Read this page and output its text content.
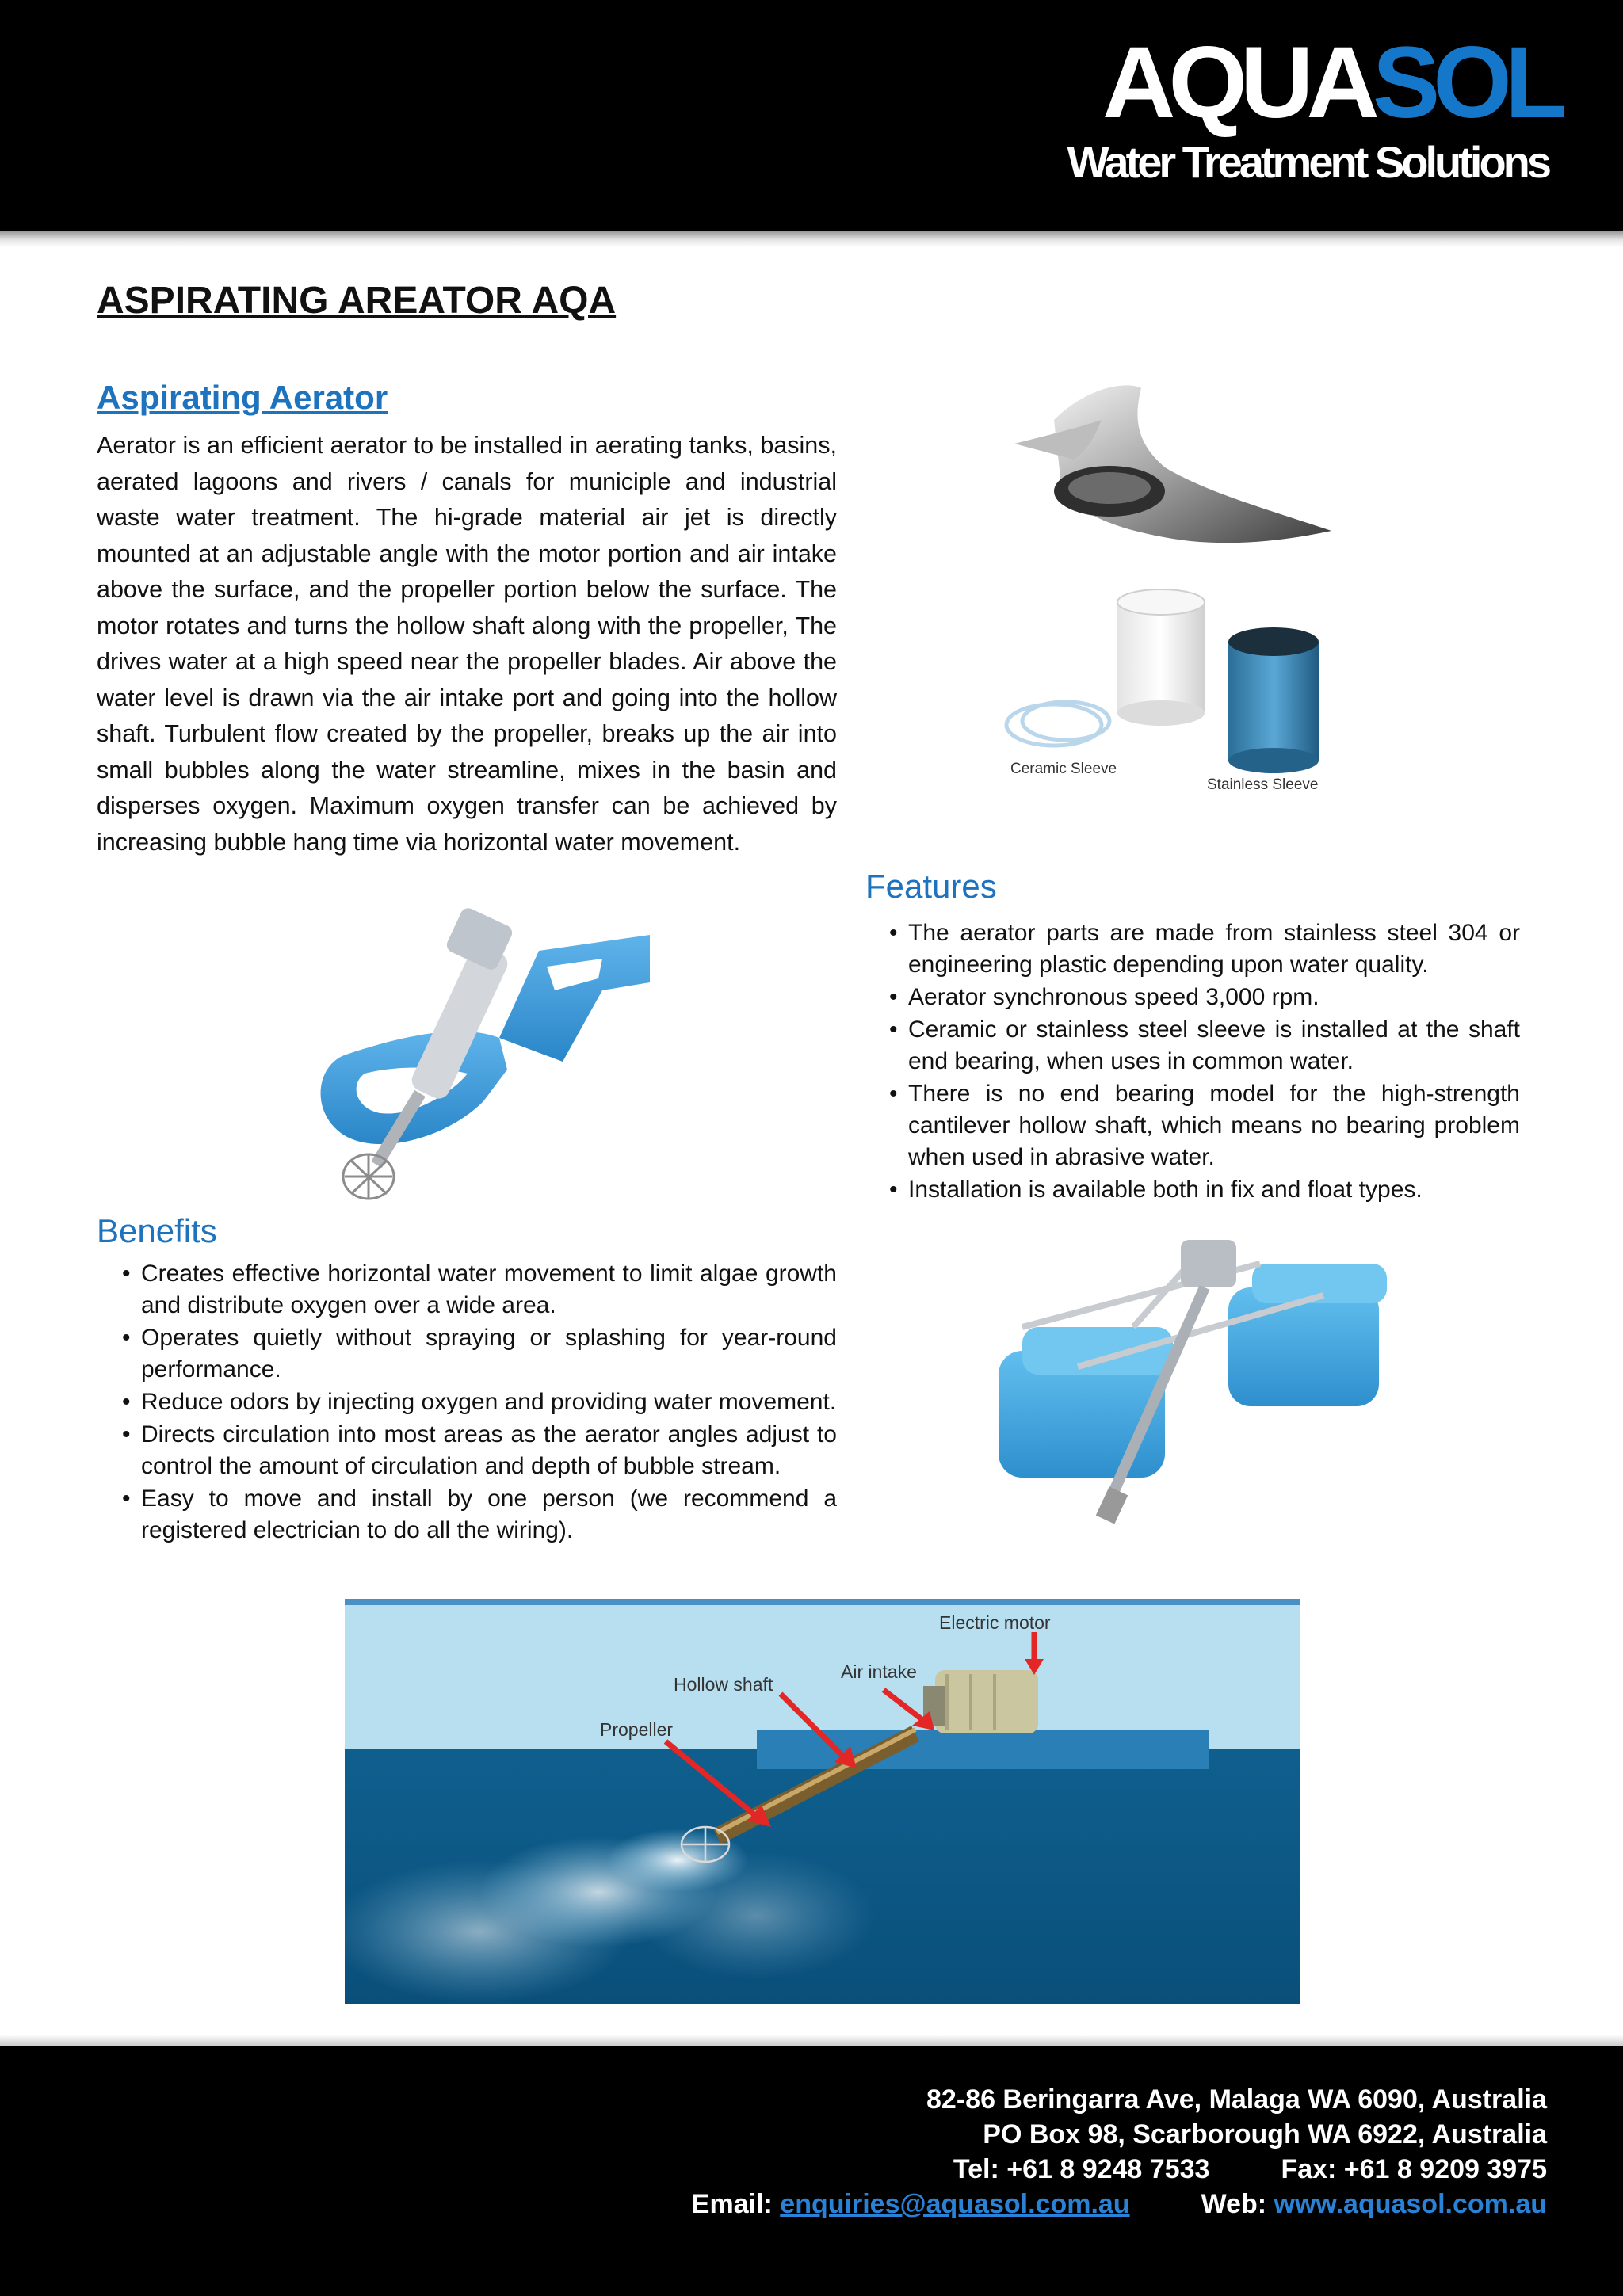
AQUASOL
Water Treatment Solutions
ASPIRATING AREATOR AQA
Aspirating Aerator
Aerator is an efficient aerator to be installed in aerating tanks, basins, aerated lagoons and rivers / canals for municiple and industrial waste water treatment. The hi-grade material air jet is directly mounted at an adjustable angle with the motor portion and air intake above the surface, and the propeller portion below the surface. The motor rotates and turns the hollow shaft along with the propeller, The drives water at a high speed near the propeller blades. Air above the water level is drawn via the air intake port and going into the hollow shaft. Turbulent flow created by the propeller, breaks up the air into small bubbles along the water streamline, mixes in the basin and disperses oxygen. Maximum oxygen transfer can be achieved by increasing bubble hang time via horizontal water movement.
Ceramic Sleeve
Stainless Sleeve
Features
• The aerator parts are made from stainless steel 304 or engineering plastic depending upon water quality.
• Aerator synchronous speed 3,000 rpm.
• Ceramic or stainless steel sleeve is installed at the shaft end bearing, when uses in common water.
• There is no end bearing model for the high-strength cantilever hollow shaft, which means no bearing problem when used in abrasive water.
• Installation is available both in fix and float types.
Benefits
• Creates effective horizontal water movement to limit algae growth and distribute oxygen over a wide area.
• Operates quietly without spraying or splashing for year-round performance.
• Reduce odors by injecting oxygen and providing water movement.
• Directs circulation into most areas as the aerator angles adjust to control the amount of circulation and depth of bubble stream.
• Easy to move and install by one person (we recommend a registered electrician to do all the wiring).
Electric motor
Air intake
Hollow shaft
Propeller
82-86 Beringarra Ave, Malaga WA 6090, Australia
PO Box 98, Scarborough WA 6922, Australia
Tel: +61 8 9248 7533	Fax: +61 8 9209 3975
Email: enquiries@aquasol.com.au	Web: www.aquasol.com.au
